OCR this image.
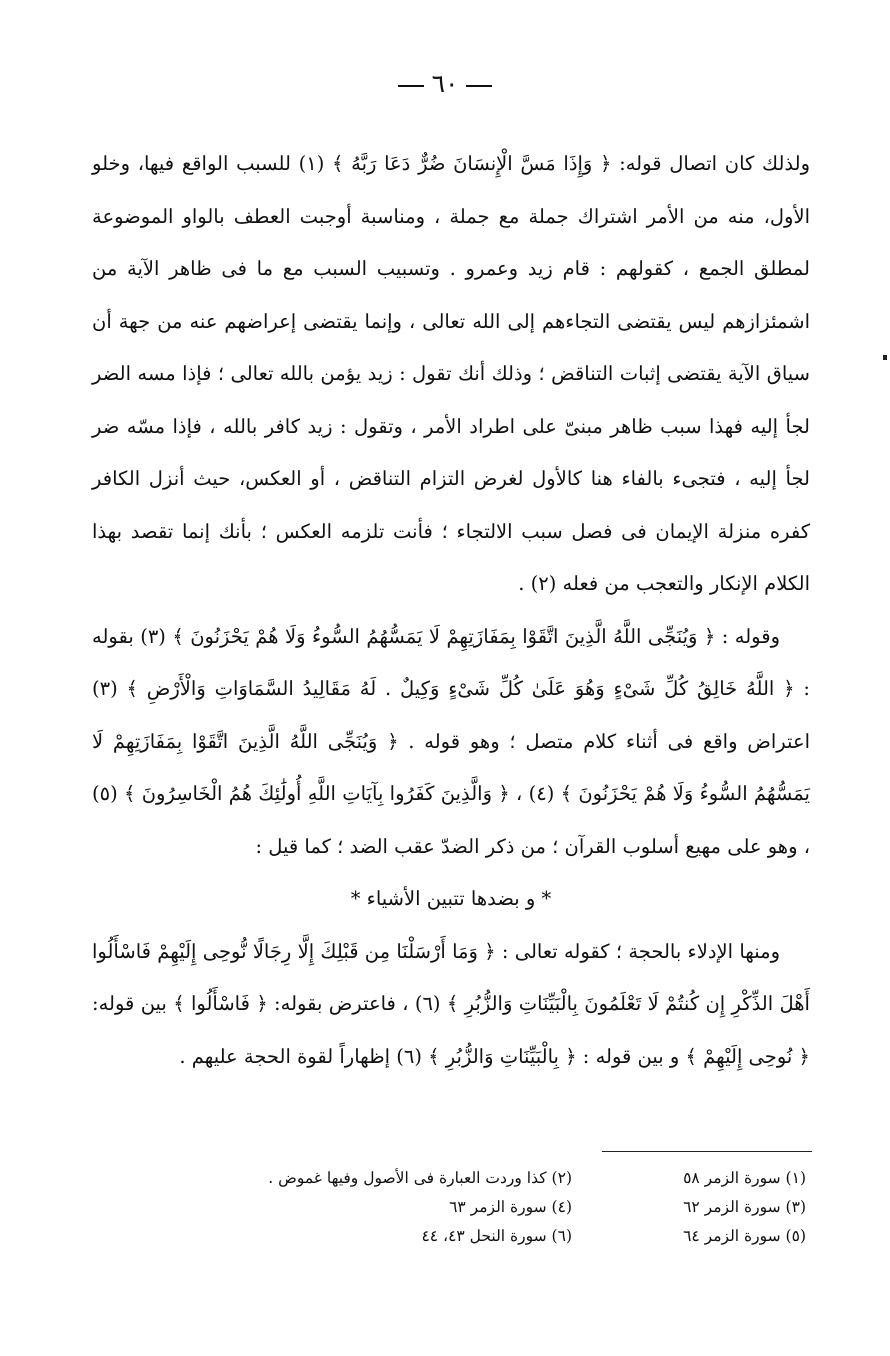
٦٠

ولذلك كان اتصال قوله: ﴿ وَإِذَا مَسَّ الْإِنسَانَ ضُرٌّ دَعَا رَبَّهُ ﴾ (١) للسبب الواقع فيها، وخلو الأول، منه من الأمر اشتراك جملة مع جملة ، ومناسبة أوجبت العطف بالواو الموضوعة لمطلق الجمع ، كقولهم : قام زيد وعمرو . وتسبيب السبب مع ما فى ظاهر الآية من اشمئزازهم ليس يقتضى التجاءهم إلى الله تعالى ، وإنما يقتضى إعراضهم عنه من جهة أن سياق الآية يقتضى إثبات التناقض ؛ وذلك أنك تقول : زيد يؤمن بالله تعالى ؛ فإذا مسه الضر لجأ إليه فهذا سبب ظاهر مبنىّ على اطراد الأمر ، وتقول : زيد كافر بالله ، فإذا مسّه ضر لجأ إليه ، فتجىء بالفاء هنا كالأول لغرض التزام التناقض ، أو العكس، حيث أنزل الكافر كفره منزلة الإيمان فى فصل سبب الالتجاء ؛ فأنت تلزمه العكس ؛ بأنك إنما تقصد بهذا الكلام الإنكار والتعجب من فعله (٢) .

وقوله : ﴿ وَيُنَجِّى اللَّهُ الَّذِينَ اتَّقَوْا بِمَفَازَتِهِمْ لَا يَمَسُّهُمُ السُّوءُ وَلَا هُمْ يَحْزَنُونَ ﴾ (٣) بقوله : ﴿ اللَّهُ خَالِقُ كُلِّ شَىْءٍ وَهُوَ عَلَىٰ كُلِّ شَىْءٍ وَكِيلٌ . لَهُ مَقَالِيدُ السَّمَاوَاتِ وَالْأَرْضِ ﴾ (٣) اعتراض واقع فى أثناء كلام متصل ؛ وهو قوله . ﴿ وَيُنَجِّى اللَّهُ الَّذِينَ اتَّقَوْا بِمَفَازَتِهِمْ لَا يَمَسُّهُمُ السُّوءُ وَلَا هُمْ يَحْزَنُونَ ﴾ (٤) ، ﴿ وَالَّذِينَ كَفَرُوا بِآيَاتِ اللَّهِ أُولَٰئِكَ هُمُ الْخَاسِرُونَ ﴾ (٥) ، وهو على مهيع أسلوب القرآن ؛ من ذكر الضدّ عقب الضد ؛ كما قيل :

* و بضدها تتبين الأشياء *

ومنها الإدلاء بالحجة ؛ كقوله تعالى : ﴿ وَمَا أَرْسَلْنَا مِن قَبْلِكَ إِلَّا رِجَالًا نُّوحِى إِلَيْهِمْ فَاسْأَلُوا أَهْلَ الذِّكْرِ إِن كُنتُمْ لَا تَعْلَمُونَ بِالْبَيِّنَاتِ وَالزُّبُرِ ﴾ (٦) ، فاعترض بقوله: ﴿ فَاسْأَلُوا ﴾ بين قوله: ﴿ نُوحِى إِلَيْهِمْ ﴾ و بين قوله : ﴿ بِالْبَيِّنَاتِ وَالزُّبُرِ ﴾ (٦) إظهاراً لقوة الحجة عليهم .

(١) سورة الزمر ٥٨
(٢) كذا وردت العبارة فى الأصول وفيها غموض .
(٣) سورة الزمر ٦٢
(٤) سورة الزمر ٦٣
(٥) سورة الزمر ٦٤
(٦) سورة النحل ٤٣، ٤٤
